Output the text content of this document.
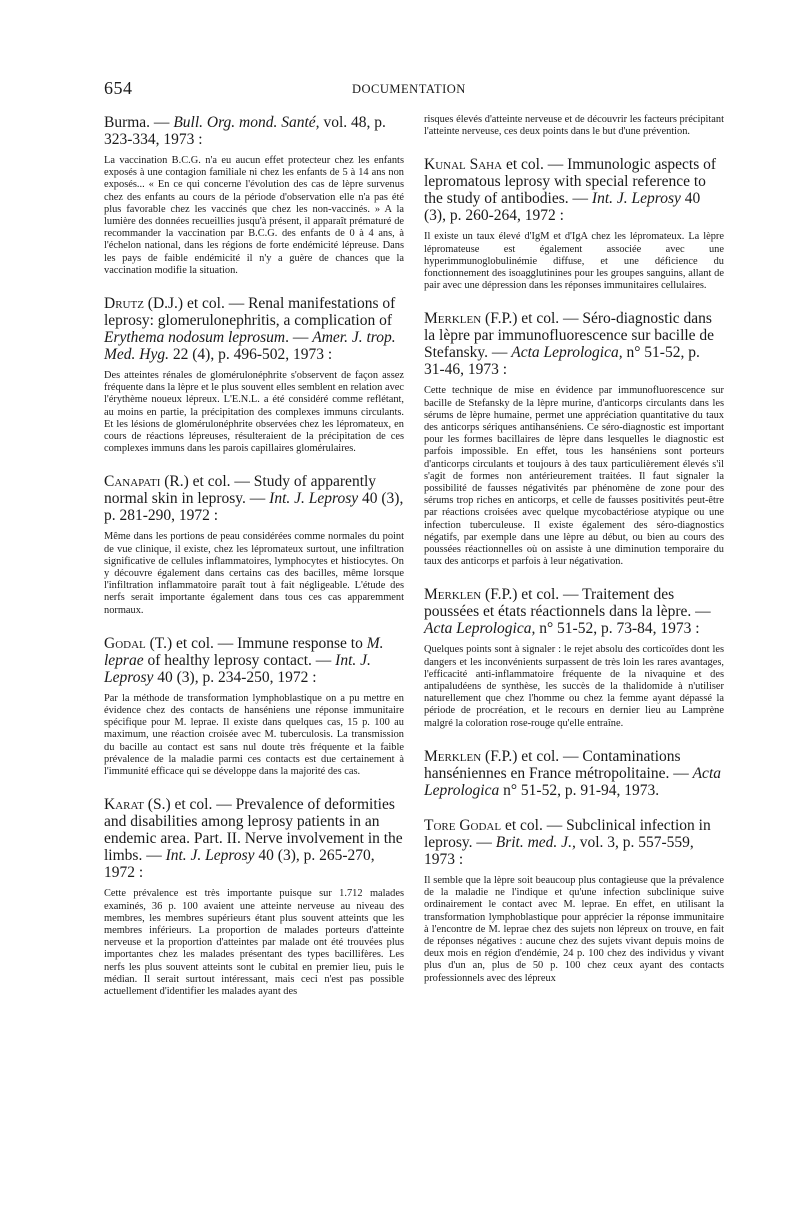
654	DOCUMENTATION

Burma. — Bull. Org. mond. Santé, vol. 48, p. 323-334, 1973 :

La vaccination B.C.G. n'a eu aucun effet protecteur chez les enfants exposés à une contagion familiale ni chez les enfants de 5 à 14 ans non exposés... « En ce qui concerne l'évolution des cas de lèpre survenus chez des enfants au cours de la période d'observation elle n'a pas été plus favorable chez les vaccinés que chez les non-vaccinés. » A la lumière des données recueillies jusqu'à présent, il apparaît prématuré de recommander la vaccination par B.C.G. des enfants de 0 à 4 ans, à l'échelon national, dans les régions de forte endémicité lépreuse. Dans les pays de faible endémicité il n'y a guère de chances que la vaccination modifie la situation.

Drutz (D.J.) et col. — Renal manifestations of leprosy: glomerulonephritis, a complication of Erythema nodosum leprosum. — Amer. J. trop. Med. Hyg. 22 (4), p. 496-502, 1973 :

Des atteintes rénales de glomérulonéphrite s'observent de façon assez fréquente dans la lèpre et le plus souvent elles semblent en relation avec l'érythème noueux lépreux. L'E.N.L. a été considéré comme reflétant, au moins en partie, la précipitation des complexes immuns circulants. Et les lésions de glomérulonéphrite observées chez les lépromateux, en cours de réactions lépreuses, résulteraient de la précipitation de ces complexes immuns dans les parois capillaires glomérulaires.

Canapati (R.) et col. — Study of apparently normal skin in leprosy. — Int. J. Leprosy 40 (3), p. 281-290, 1972 :

Même dans les portions de peau considérées comme normales du point de vue clinique, il existe, chez les lépromateux surtout, une infiltration significative de cellules inflammatoires, lymphocytes et histiocytes. On y découvre également dans certains cas des bacilles, même lorsque l'infiltration inflammatoire paraît tout à fait négligeable. L'étude des nerfs serait importante également dans tous ces cas apparemment normaux.

Godal (T.) et col. — Immune response to M. leprae of healthy leprosy contact. — Int. J. Leprosy 40 (3), p. 234-250, 1972 :

Par la méthode de transformation lymphoblastique on a pu mettre en évidence chez des contacts de hanséniens une réponse immunitaire spécifique pour M. leprae. Il existe dans quelques cas, 15 p. 100 au maximum, une réaction croisée avec M. tuberculosis. La transmission du bacille au contact est sans nul doute très fréquente et la faible prévalence de la maladie parmi ces contacts est due certainement à l'immunité efficace qui se développe dans la majorité des cas.

Karat (S.) et col. — Prevalence of deformities and disabilities among leprosy patients in an endemic area. Part. II. Nerve involvement in the limbs. — Int. J. Leprosy 40 (3), p. 265-270, 1972 :

Cette prévalence est très importante puisque sur 1.712 malades examinés, 36 p. 100 avaient une atteinte nerveuse au niveau des membres, les membres supérieurs étant plus souvent atteints que les membres inférieurs. La proportion de malades porteurs d'atteinte nerveuse et la proportion d'atteintes par malade ont été trouvées plus importantes chez les malades présentant des types bacillifères. Les nerfs les plus souvent atteints sont le cubital en premier lieu, puis le médian. Il serait surtout intéressant, mais ceci n'est pas possible actuellement d'identifier les malades ayant des

risques élevés d'atteinte nerveuse et de découvrir les facteurs précipitant l'atteinte nerveuse, ces deux points dans le but d'une prévention.

Kunal Saha et col. — Immunologic aspects of lepromatous leprosy with special reference to the study of antibodies. — Int. J. Leprosy 40 (3), p. 260-264, 1972 :

Il existe un taux élevé d'IgM et d'IgA chez les lépromateux. La lèpre lépromateuse est également associée avec une hyperimmunoglobulinémie diffuse, et une déficience du fonctionnement des isoagglutinines pour les groupes sanguins, allant de pair avec une dépression dans les réponses immunitaires cellulaires.

Merklen (F.P.) et col. — Séro-diagnostic dans la lèpre par immunofluorescence sur bacille de Stefansky. — Acta Leprologica, n° 51-52, p. 31-46, 1973 :

Cette technique de mise en évidence par immunofluorescence sur bacille de Stefansky de la lèpre murine, d'anticorps circulants dans les sérums de lèpre humaine, permet une appréciation quantitative du taux des anticorps sériques antihanséniens. Ce séro-diagnostic est important pour les formes bacillaires de lèpre dans lesquelles le diagnostic est parfois impossible. En effet, tous les hanséniens sont porteurs d'anticorps circulants et toujours à des taux particulièrement élevés s'il s'agit de formes non antérieurement traitées. Il faut signaler la possibilité de fausses négativités par phénomène de zone pour des sérums trop riches en anticorps, et celle de fausses positivités peut-être par réactions croisées avec quelque mycobactériose atypique ou une infection tuberculeuse. Il existe également des séro-diagnostics négatifs, par exemple dans une lèpre au début, ou bien au cours des poussées réactionnelles où on assiste à une diminution temporaire du taux des anticorps et parfois à leur négativation.

Merklen (F.P.) et col. — Traitement des poussées et états réactionnels dans la lèpre. — Acta Leprologica, n° 51-52, p. 73-84, 1973 :

Quelques points sont à signaler : le rejet absolu des corticoïdes dont les dangers et les inconvénients surpassent de très loin les rares avantages, l'efficacité anti-inflammatoire fréquente de la nivaquine et des antipaludéens de synthèse, les succès de la thalidomide à n'utiliser naturellement que chez l'homme ou chez la femme ayant dépassé la période de procréation, et le recours en dernier lieu au Lamprène malgré la coloration rose-rouge qu'elle entraîne.

Merklen (F.P.) et col. — Contaminations hanséniennes en France métropolitaine. — Acta Leprologica n° 51-52, p. 91-94, 1973.

Tore Godal et col. — Subclinical infection in leprosy. — Brit. med. J., vol. 3, p. 557-559, 1973 :

Il semble que la lèpre soit beaucoup plus contagieuse que la prévalence de la maladie ne l'indique et qu'une infection subclinique suive ordinairement le contact avec M. leprae. En effet, en utilisant la transformation lymphoblastique pour apprécier la réponse immunitaire à l'encontre de M. leprae chez des sujets non lépreux on trouve, en fait de réponses négatives : aucune chez des sujets vivant depuis moins de deux mois en région d'endémie, 24 p. 100 chez des individus y vivant plus d'un an, plus de 50 p. 100 chez ceux ayant des contacts professionnels avec des lépreux
